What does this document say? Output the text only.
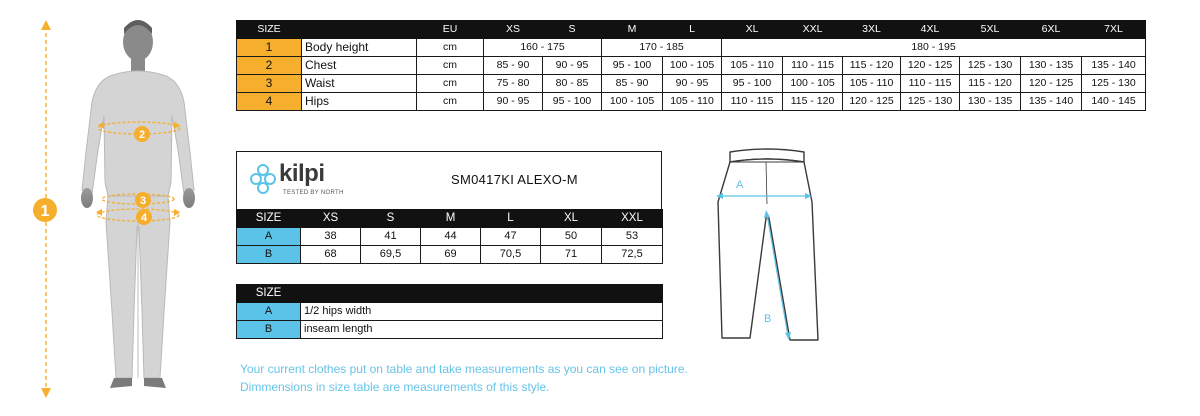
1
2
3
4
SIZE		EU	XS	S	M	L	XL	XXL	3XL	4XL	5XL	6XL	7XL
1	Body height	cm	160 - 175		170 - 185		180 - 195						
2	Chest	cm	85 - 90	90 - 95	95 - 100	100 - 105	105 - 110	110 - 115	115 - 120	120 - 125	125 - 130	130 - 135	135 - 140
3	Waist	cm	75 - 80	80 - 85	85 - 90	90 - 95	95 - 100	100 - 105	105 - 110	110 - 115	115 - 120	120 - 125	125 - 130
4	Hips	cm	90 - 95	95 - 100	100 - 105	105 - 110	110 - 115	115 - 120	120 - 125	125 - 130	130 - 135	135 - 140	140 - 145
kilpi
TESTED BY NORTH
SM0417KI ALEXO-M
SIZE	XS	S	M	L	XL	XXL
A	38	41	44	47	50	53
B	68	69,5	69	70,5	71	72,5
SIZE	
A	1/2 hips width
B	inseam length
A
B
Your current clothes put on table and take measurements as you can see on picture.
Dimmensions in size table are measurements of this style.
